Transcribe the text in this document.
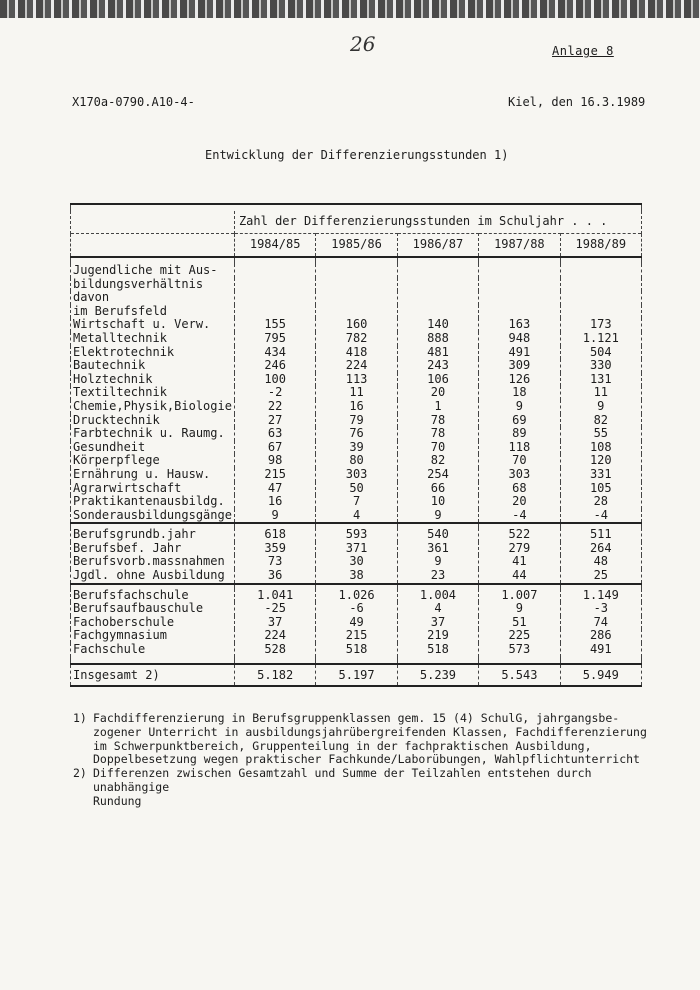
26	Anlage 8
X170a-0790.A10-4-	Kiel, den 16.3.1989
Entwicklung der Differenzierungsstunden 1)

	Zahl der Differenzierungsstunden im Schuljahr . . .				
	1984/85	1985/86	1986/87	1987/88	1988/89

Jugendliche mit Aus-					
bildungsverhältnis					
davon					
im Berufsfeld					
Wirtschaft u. Verw.	155	160	140	163	173
Metalltechnik	795	782	888	948	1.121
Elektrotechnik	434	418	481	491	504
Bautechnik	246	224	243	309	330
Holztechnik	100	113	106	126	131
Textiltechnik	-2	11	20	18	11
Chemie,Physik,Biologie	22	16	1	9	9
Drucktechnik	27	79	78	69	82
Farbtechnik u. Raumg.	63	76	78	89	55
Gesundheit	67	39	70	118	108
Körperpflege	98	80	82	70	120
Ernährung u. Hausw.	215	303	254	303	331
Agrarwirtschaft	47	50	66	68	105
Praktikantenausbildg.	16	7	10	20	28
Sonderausbildungsgänge	9	4	9	-4	-4

Berufsgrundb.jahr	618	593	540	522	511
Berufsbef. Jahr	359	371	361	279	264
Berufsvorb.massnahmen	73	30	9	41	48
Jgdl. ohne Ausbildung	36	38	23	44	25

Berufsfachschule	1.041	1.026	1.004	1.007	1.149
Berufsaufbauschule	-25	-6	4	9	-3
Fachoberschule	37	49	37	51	74
Fachgymnasium	224	215	219	225	286
Fachschule	528	518	518	573	491

Insgesamt 2)	5.182	5.197	5.239	5.543	5.949
1) Fachdifferenzierung in Berufsgruppenklassen gem. 15 (4) SchulG, jahrgangsbe-
zogener Unterricht in ausbildungsjahrübergreifenden Klassen, Fachdifferenzierung
im Schwerpunktbereich, Gruppenteilung in der fachpraktischen Ausbildung,
Doppelbesetzung wegen praktischer Fachkunde/Laborübungen, Wahlpflichtunterricht
2) Differenzen zwischen Gesamtzahl und Summe der Teilzahlen entstehen durch unabhängige
Rundung
